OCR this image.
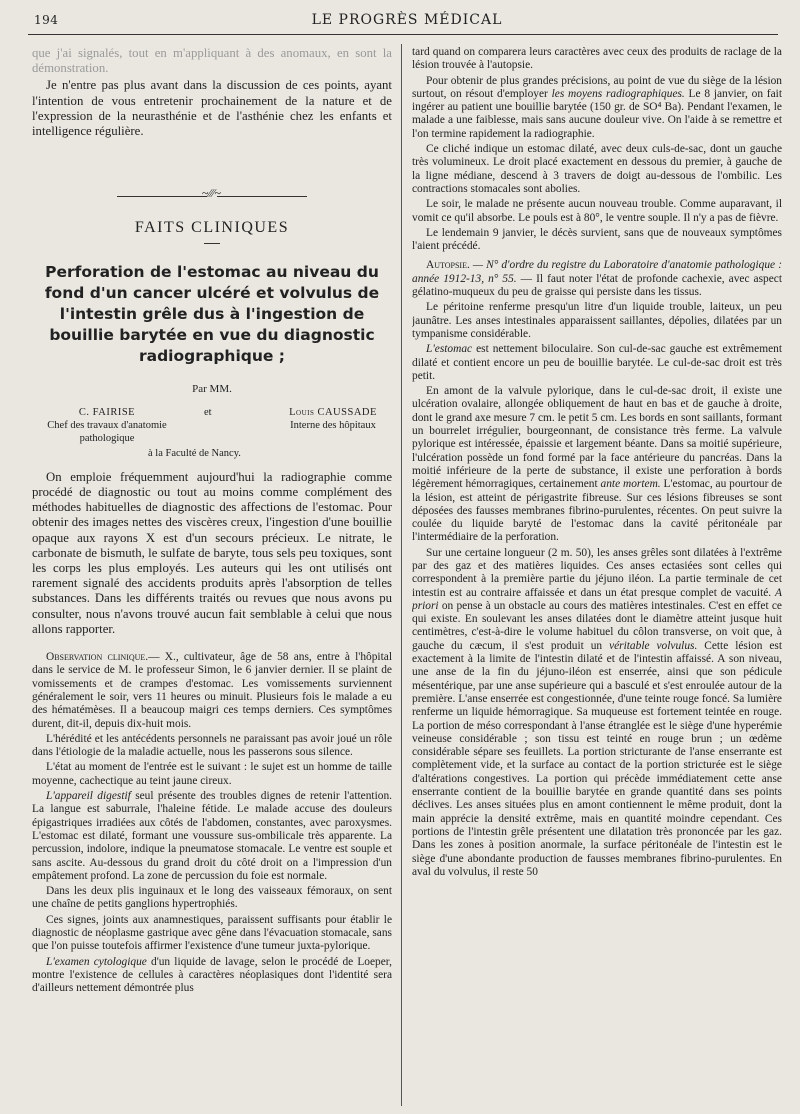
194	LE PROGRÈS MÉDICAL

que j'ai signalés, tout en m'appliquant à des anomaux, en sont la démonstration.

Je n'entre pas plus avant dans la discussion de ces points, ayant l'intention de vous entretenir prochainement de la nature et de l'expression de la neurasthénie et de l'asthénie chez les enfants et intelligence régulière.

~∕∕∕~
FAITS CLINIQUES
Perforation de l'estomac au niveau du fond d'un cancer ulcéré et volvulus de l'intestin grêle dus à l'ingestion de bouillie barytée en vue du diagnostic radiographique ;
Par MM.
C. FAIRISE
Chef des travaux d'anatomie pathologique
et	Louis CAUSSADE
Interne des hôpitaux
à la Faculté de Nancy.

On emploie fréquemment aujourd'hui la radiographie comme procédé de diagnostic ou tout au moins comme complément des méthodes habituelles de diagnostic des affections de l'estomac. Pour obtenir des images nettes des viscères creux, l'ingestion d'une bouillie opaque aux rayons X est d'un secours précieux. Le nitrate, le carbonate de bismuth, le sulfate de baryte, tous sels peu toxiques, sont les corps les plus employés. Les auteurs qui les ont utilisés ont rarement signalé des accidents produits après l'absorption de telles substances. Dans les différents traités ou revues que nous avons pu consulter, nous n'avons trouvé aucun fait semblable à celui que nous allons rapporter.

Observation clinique.— X., cultivateur, âge de 58 ans, entre à l'hôpital dans le service de M. le professeur Simon, le 6 janvier dernier. Il se plaint de vomissements et de crampes d'estomac. Les vomissements surviennent généralement le soir, vers 11 heures ou minuit. Plusieurs fois le malade a eu des hématémèses. Il a beaucoup maigri ces temps derniers. Ces symptômes durent, dit-il, depuis dix-huit mois.

L'hérédité et les antécédents personnels ne paraissant pas avoir joué un rôle dans l'étiologie de la maladie actuelle, nous les passerons sous silence.

L'état au moment de l'entrée est le suivant : le sujet est un homme de taille moyenne, cachectique au teint jaune cireux.

L'appareil digestif seul présente des troubles dignes de retenir l'attention. La langue est saburrale, l'haleine fétide. Le malade accuse des douleurs épigastriques irradiées aux côtés de l'abdomen, constantes, avec paroxysmes. L'estomac est dilaté, formant une voussure sus-ombilicale très apparente. La percussion, indolore, indique la pneumatose stomacale. Le ventre est souple et sans ascite. Au-dessous du grand droit du côté droit on a l'impression d'un empâtement profond. La zone de percussion du foie est normale.

Dans les deux plis inguinaux et le long des vaisseaux fémoraux, on sent une chaîne de petits ganglions hypertrophiés.

Ces signes, joints aux anamnestiques, paraissent suffisants pour établir le diagnostic de néoplasme gastrique avec gêne dans l'évacuation stomacale, sans que l'on puisse toutefois affirmer l'existence d'une tumeur juxta-pylorique.

L'examen cytologique d'un liquide de lavage, selon le procédé de Loeper, montre l'existence de cellules à caractères néoplasiques dont l'identité sera d'ailleurs nettement démontrée plus

tard quand on comparera leurs caractères avec ceux des produits de raclage de la lésion trouvée à l'autopsie.

Pour obtenir de plus grandes précisions, au point de vue du siège de la lésion surtout, on résout d'employer les moyens radiographiques. Le 8 janvier, on fait ingérer au patient une bouillie barytée (150 gr. de SO⁴ Ba). Pendant l'examen, le malade a une faiblesse, mais sans aucune douleur vive. On l'aide à se remettre et l'on termine rapidement la radiographie.

Ce cliché indique un estomac dilaté, avec deux culs-de-sac, dont un gauche très volumineux. Le droit placé exactement en dessous du premier, à gauche de la ligne médiane, descend à 3 travers de doigt au-dessous de l'ombilic. Les contractions stomacales sont abolies.

Le soir, le malade ne présente aucun nouveau trouble. Comme auparavant, il vomit ce qu'il absorbe. Le pouls est à 80°, le ventre souple. Il n'y a pas de fièvre.

Le lendemain 9 janvier, le décès survient, sans que de nouveaux symptômes l'aient précédé.

Autopsie. — N° d'ordre du registre du Laboratoire d'anatomie pathologique : année 1912-13, n° 55. — Il faut noter l'état de profonde cachexie, avec aspect gélatino-muqueux du peu de graisse qui persiste dans les tissus.

Le péritoine renferme presqu'un litre d'un liquide trouble, laiteux, un peu jaunâtre. Les anses intestinales apparaissent saillantes, dépolies, dilatées par un tympanisme considérable.

L'estomac est nettement biloculaire. Son cul-de-sac gauche est extrêmement dilaté et contient encore un peu de bouillie barytée. Le cul-de-sac droit est très petit.

En amont de la valvule pylorique, dans le cul-de-sac droit, il existe une ulcération ovalaire, allongée obliquement de haut en bas et de gauche à droite, dont le grand axe mesure 7 cm. le petit 5 cm. Les bords en sont saillants, formant un bourrelet irrégulier, bourgeonnant, de consistance très ferme. La valvule pylorique est intéressée, épaissie et largement béante. Dans sa moitié supérieure, l'ulcération possède un fond formé par la face antérieure du pancréas. Dans la moitié inférieure de la perte de substance, il existe une perforation à bords légèrement hémorragiques, certainement ante mortem. L'estomac, au pourtour de la lésion, est atteint de périgastrite fibreuse. Sur ces lésions fibreuses se sont déposées des fausses membranes fibrino-purulentes, récentes. On peut suivre la coulée du liquide baryté de l'estomac dans la cavité péritonéale par l'intermédiaire de la perforation.

Sur une certaine longueur (2 m. 50), les anses grêles sont dilatées à l'extrême par des gaz et des matières liquides. Ces anses ectasiées sont celles qui correspondent à la première partie du jéjuno iléon. La partie terminale de cet intestin est au contraire affaissée et dans un état presque complet de vacuité. A priori on pense à un obstacle au cours des matières intestinales. C'est en effet ce qui existe. En soulevant les anses dilatées dont le diamètre atteint jusque huit centimètres, c'est-à-dire le volume habituel du côlon transverse, on voit que, à gauche du cæcum, il s'est produit un véritable volvulus. Cette lésion est exactement à la limite de l'intestin dilaté et de l'intestin affaissé. A son niveau, une anse de la fin du jéjuno-iléon est enserrée, ainsi que son pédicule mésentérique, par une anse supérieure qui a basculé et s'est enroulée autour de la première. L'anse enserrée est congestionnée, d'une teinte rouge foncé. Sa lumière renferme un liquide hémorragique. Sa muqueuse est fortement teintée en rouge. La portion de méso correspondant à l'anse étranglée est le siège d'une hyperémie veineuse considérable ; son tissu est teinté en rouge brun ; un œdème considérable sépare ses feuillets. La portion stricturante de l'anse enserrante est complètement vide, et la surface au contact de la portion stricturée est le siège d'altérations congestives. La portion qui précède immédiatement cette anse enserrante contient de la bouillie barytée en grande quantité dans ses points déclives. Les anses situées plus en amont contiennent le même produit, dont la main apprécie la densité extrême, mais en quantité moindre cependant. Ces portions de l'intestin grêle présentent une dilatation très prononcée par les gaz. Dans les zones à position anormale, la surface péritonéale de l'intestin est le siège d'une abondante production de fausses membranes fibrino-purulentes. En aval du volvulus, il reste 50
